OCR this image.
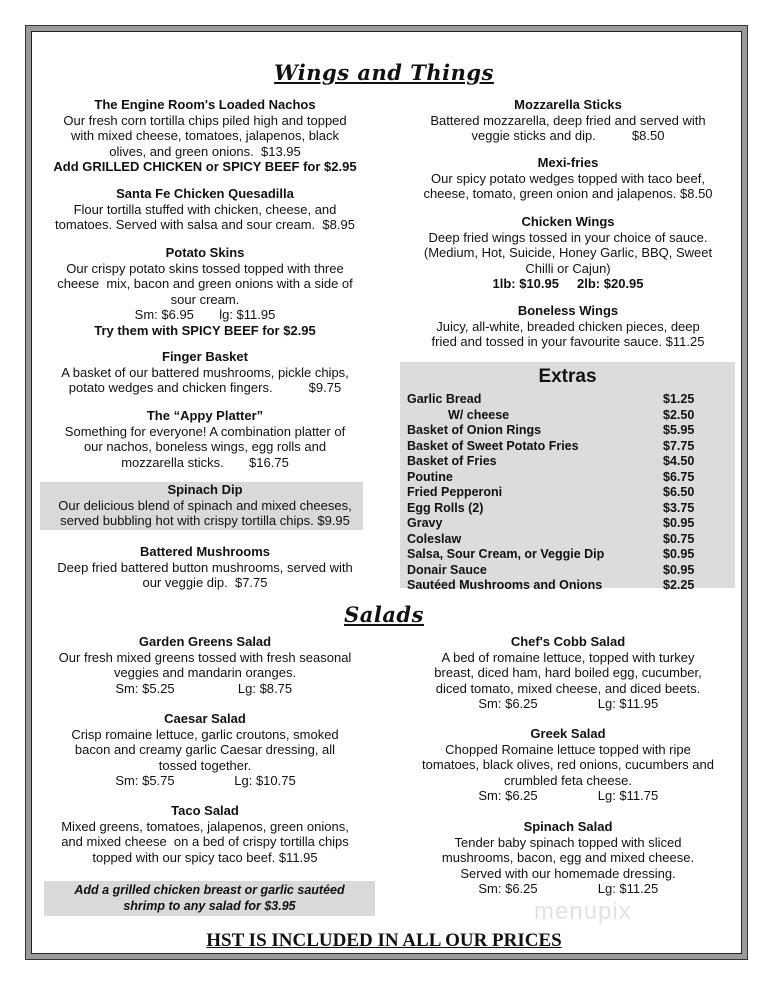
Wings and Things
The Engine Room's Loaded Nachos
Our fresh corn tortilla chips piled high and topped
with mixed cheese, tomatoes, jalapenos, black
olives, and green onions.  $13.95
Add GRILLED CHICKEN or SPICY BEEF for $2.95
Santa Fe Chicken Quesadilla
Flour tortilla stuffed with chicken, cheese, and
tomatoes. Served with salsa and sour cream.  $8.95
Potato Skins
Our crispy potato skins tossed topped with three
cheese  mix, bacon and green onions with a side of
sour cream.
Sm: $6.95       lg: $11.95
Try them with SPICY BEEF for $2.95
Finger Basket
A basket of our battered mushrooms, pickle chips,
potato wedges and chicken fingers.          $9.75
The “Appy Platter”
Something for everyone! A combination platter of
our nachos, boneless wings, egg rolls and
mozzarella sticks.       $16.75
Spinach Dip
Our delicious blend of spinach and mixed cheeses,
served bubbling hot with crispy tortilla chips. $9.95
Battered Mushrooms
Deep fried battered button mushrooms, served with
our veggie dip.  $7.75
Mozzarella Sticks
Battered mozzarella, deep fried and served with
veggie sticks and dip.          $8.50
Mexi-fries
Our spicy potato wedges topped with taco beef,
cheese, tomato, green onion and jalapenos. $8.50
Chicken Wings
Deep fried wings tossed in your choice of sauce.
(Medium, Hot, Suicide, Honey Garlic, BBQ, Sweet
Chilli or Cajun)
1lb: $10.95     2lb: $20.95
Boneless Wings
Juicy, all-white, breaded chicken pieces, deep
fried and tossed in your favourite sauce. $11.25
Extras
Garlic Bread	$1.25
W/ cheese	$2.50
Basket of Onion Rings	$5.95
Basket of Sweet Potato Fries	$7.75
Basket of Fries	$4.50
Poutine	$6.75
Fried Pepperoni	$6.50
Egg Rolls (2)	$3.75
Gravy	$0.95
Coleslaw	$0.75
Salsa, Sour Cream, or Veggie Dip	$0.95
Donair Sauce	$0.95
Sautéed Mushrooms and Onions	$2.25
Salads
Garden Greens Salad
Our fresh mixed greens tossed with fresh seasonal
veggies and mandarin oranges.
Sm: $5.25	Lg: $8.75
Caesar Salad
Crisp romaine lettuce, garlic croutons, smoked
bacon and creamy garlic Caesar dressing, all
tossed together.
Sm: $5.75	Lg: $10.75
Taco Salad
Mixed greens, tomatoes, jalapenos, green onions,
and mixed cheese  on a bed of crispy tortilla chips
topped with our spicy taco beef. $11.95
Chef's Cobb Salad
A bed of romaine lettuce, topped with turkey
breast, diced ham, hard boiled egg, cucumber,
diced tomato, mixed cheese, and diced beets.
Sm: $6.25	Lg: $11.95
Greek Salad
Chopped Romaine lettuce topped with ripe
tomatoes, black olives, red onions, cucumbers and
crumbled feta cheese.
Sm: $6.25	Lg: $11.75
Spinach Salad
Tender baby spinach topped with sliced
mushrooms, bacon, egg and mixed cheese.
Served with our homemade dressing.
Sm: $6.25	Lg: $11.25
Add a grilled chicken breast or garlic sautéed
shrimp to any salad for $3.95	menupix
HST IS INCLUDED IN ALL OUR PRICES
